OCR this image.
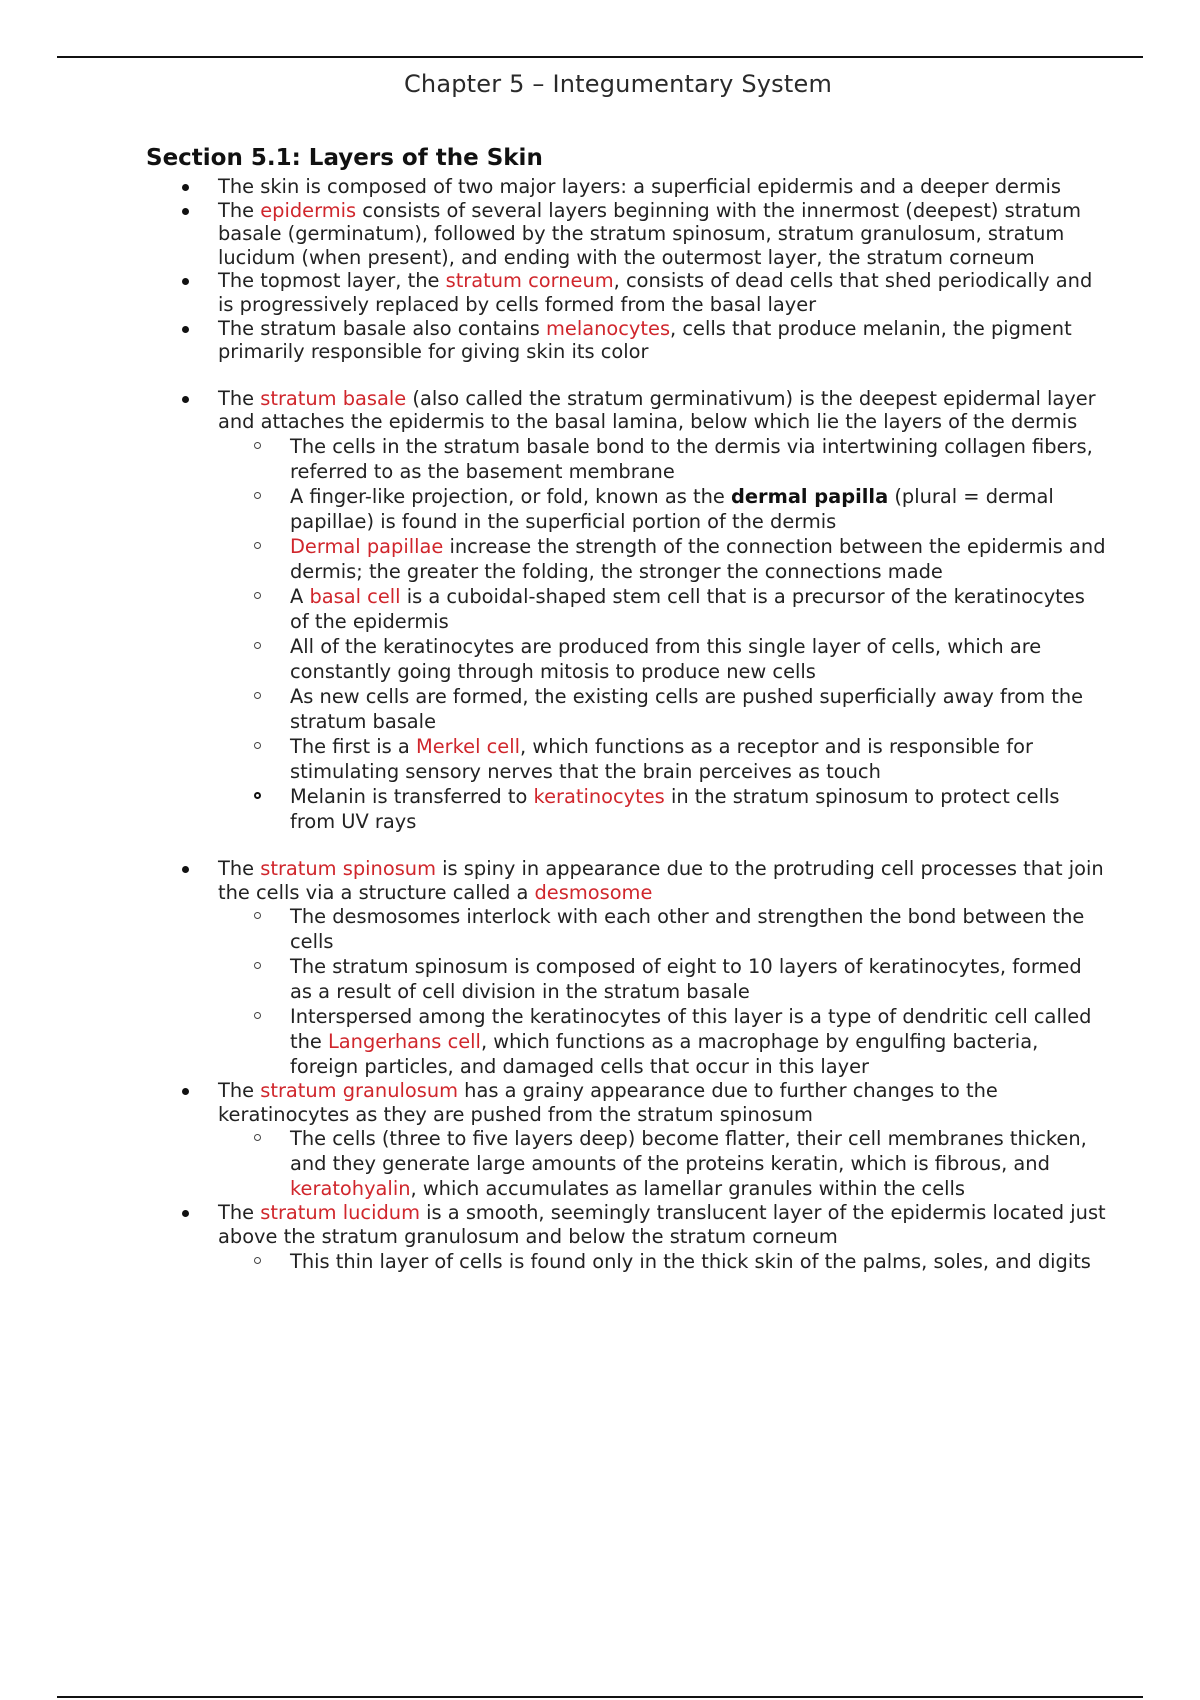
Chapter 5 – Integumentary System
Section 5.1: Layers of the Skin
The skin is composed of two major layers: a superficial epidermis and a deeper dermis
The epidermis consists of several layers beginning with the innermost (deepest) stratum basale (germinatum), followed by the stratum spinosum, stratum granulosum, stratum lucidum (when present), and ending with the outermost layer, the stratum corneum
The topmost layer, the stratum corneum, consists of dead cells that shed periodically and is progressively replaced by cells formed from the basal layer
The stratum basale also contains melanocytes, cells that produce melanin, the pigment primarily responsible for giving skin its color
The stratum basale (also called the stratum germinativum) is the deepest epidermal layer and attaches the epidermis to the basal lamina, below which lie the layers of the dermis
The cells in the stratum basale bond to the dermis via intertwining collagen fibers, referred to as the basement membrane
A finger-like projection, or fold, known as the dermal papilla (plural = dermal papillae) is found in the superficial portion of the dermis
Dermal papillae increase the strength of the connection between the epidermis and dermis; the greater the folding, the stronger the connections made
A basal cell is a cuboidal-shaped stem cell that is a precursor of the keratinocytes of the epidermis
All of the keratinocytes are produced from this single layer of cells, which are constantly going through mitosis to produce new cells
As new cells are formed, the existing cells are pushed superficially away from the stratum basale
The first is a Merkel cell, which functions as a receptor and is responsible for stimulating sensory nerves that the brain perceives as touch
Melanin is transferred to keratinocytes in the stratum spinosum to protect cells from UV rays
The stratum spinosum is spiny in appearance due to the protruding cell processes that join the cells via a structure called a desmosome
The desmosomes interlock with each other and strengthen the bond between the cells
The stratum spinosum is composed of eight to 10 layers of keratinocytes, formed as a result of cell division in the stratum basale
Interspersed among the keratinocytes of this layer is a type of dendritic cell called the Langerhans cell, which functions as a macrophage by engulfing bacteria, foreign particles, and damaged cells that occur in this layer
The stratum granulosum has a grainy appearance due to further changes to the keratinocytes as they are pushed from the stratum spinosum
The cells (three to five layers deep) become flatter, their cell membranes thicken, and they generate large amounts of the proteins keratin, which is fibrous, and keratohyalin, which accumulates as lamellar granules within the cells
The stratum lucidum is a smooth, seemingly translucent layer of the epidermis located just above the stratum granulosum and below the stratum corneum
This thin layer of cells is found only in the thick skin of the palms, soles, and digits
